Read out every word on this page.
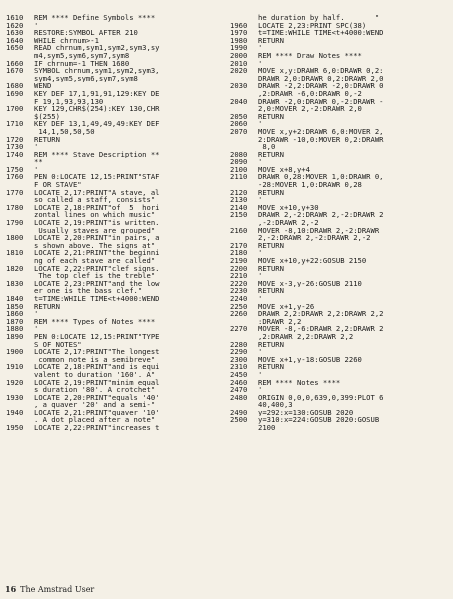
1610	REM **** Define Symbols ****
1620	'
1630	RESTORE:SYMBOL AFTER 210
1640	WHILE chrnum>-1
1650	READ chrnum,sym1,sym2,sym3,sy
m4,sym5,sym6,sym7,sym8
1660	IF chrnum=-1 THEN 1680
1670	SYMBOL chrnum,sym1,sym2,sym3,
sym4,sym5,sym6,sym7,sym8
1680	WEND
1690	KEY DEF 17,1,91,91,129:KEY DE
F 19,1,93,93,130
1700	KEY 129,CHR$(254):KEY 130,CHR
$(255)
1710	KEY DEF 13,1,49,49,49:KEY DEF
14,1,50,50,50
1720	RETURN
1730	'
1740	REM **** Stave Description **
**
1750	'
1760	PEN 0:LOCATE 12,15:PRINT"STAF
F OR STAVE"
1770	LOCATE 2,17:PRINT"A stave, al
so called a staff, consists"
1780	LOCATE 2,18:PRINT"of  5  hori
zontal lines on which music"
1790	LOCATE 2,19:PRINT"is written.
Usually staves are grouped"
1800	LOCATE 2,20:PRINT"in pairs, a
s shown above. The signs at"
1810	LOCATE 2,21:PRINT"the beginni
ng of each stave are called"
1820	LOCATE 2,22:PRINT"clef signs.
The top clef is the treble"
1830	LOCATE 2,23:PRINT"and the low
er one is the bass clef."
1840	t=TIME:WHILE TIME<t+4000:WEND
1850	RETURN
1860	'
1870	REM **** Types of Notes ****
1880	'
1890	PEN 0:LOCATE 12,15:PRINT"TYPE
S OF NOTES"
1900	LOCATE 2,17:PRINT"The longest
common note is a semibreve"
1910	LOCATE 2,18:PRINT"and is equi
valent to duration '160'. A"
1920	LOCATE 2,19:PRINT"minim equal
s duration '80'. A crotchet"
1930	LOCATE 2,20:PRINT"equals '40'
, a quaver '20' and a semi-"
1940	LOCATE 2,21:PRINT"quaver '10'
. A dot placed after a note"
1950	LOCATE 2,22:PRINT"increases t
he duration by half.       "
1960	LOCATE 2,23:PRINT SPC(38)
1970	t=TIME:WHILE TIME<t+4000:WEND
1980	RETURN
1990	'
2000	REM **** Draw Notes ****
2010	'
2020	MOVE x,y:DRAWR 6,0:DRAWR 0,2:
DRAWR 2,0:DRAWR 0,2:DRAWR 2,0
2030	DRAWR -2,2:DRAWR -2,0:DRAWR 0
,2:DRAWR -6,0:DRAWR 0,-2
2040	DRAWR -2,0:DRAWR 0,-2:DRAWR -
2,0:MOVER 2,-2:DRAWR 2,0
2050	RETURN
2060	'
2070	MOVE x,y+2:DRAWR 6,0:MOVER 2,
2:DRAWR -10,0:MOVER 0,2:DRAWR
8,0
2080	RETURN
2090	'
2100	MOVE x+8,y+4
2110	DRAWR 0,28:MOVER 1,0:DRAWR 0,
-28:MOVER 1,0:DRAWR 0,28
2120	RETURN
2130	'
2140	MOVE x+10,y+30
2150	DRAWR 2,-2:DRAWR 2,-2:DRAWR 2
,-2:DRAWR 2,-2
2160	MOVER -8,10:DRAWR 2,-2:DRAWR
2,-2:DRAWR 2,-2:DRAWR 2,-2
2170	RETURN
2180	'
2190	MOVE x+10,y+22:GOSUB 2150
2200	RETURN
2210	'
2220	MOVE x-3,y-26:GOSUB 2110
2230	RETURN
2240	'
2250	MOVE x+1,y-26
2260	DRAWR 2,2:DRAWR 2,2:DRAWR 2,2
:DRAWR 2,2
2270	MOVER -8,-6:DRAWR 2,2:DRAWR 2
,2:DRAWR 2,2:DRAWR 2,2
2280	RETURN
2290	'
2300	MOVE x+1,y-18:GOSUB 2260
2310	RETURN
2450	'
2460	REM **** Notes ****
2470	'
2480	ORIGIN 0,0,0,639,0,399:PLOT 6
40,400,3
2490	y=292:x=130:GOSUB 2020
2500	y=310:x=224:GOSUB 2020:GOSUB
2100
16 The Amstrad User
